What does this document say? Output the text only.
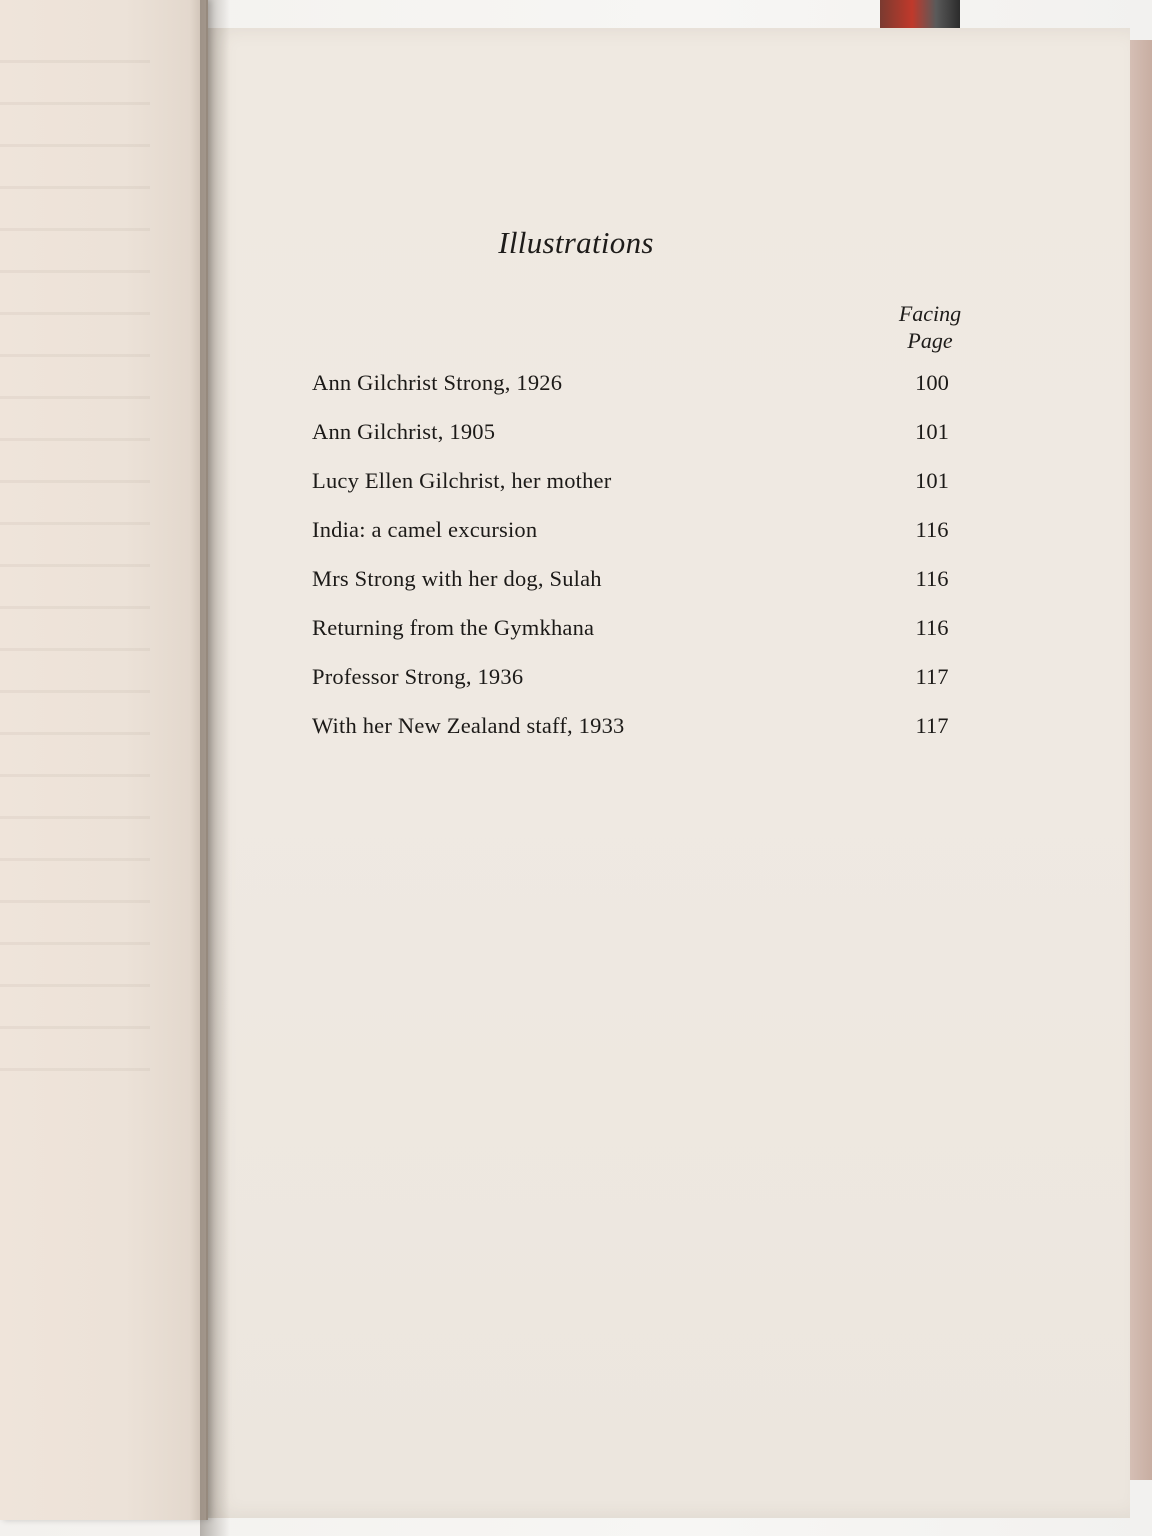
Illustrations
Facing
Page
Ann Gilchrist Strong, 1926	100
Ann Gilchrist, 1905	101
Lucy Ellen Gilchrist, her mother	101
India: a camel excursion	116
Mrs Strong with her dog, Sulah	116
Returning from the Gymkhana	116
Professor Strong, 1936	117
With her New Zealand staff, 1933	117
